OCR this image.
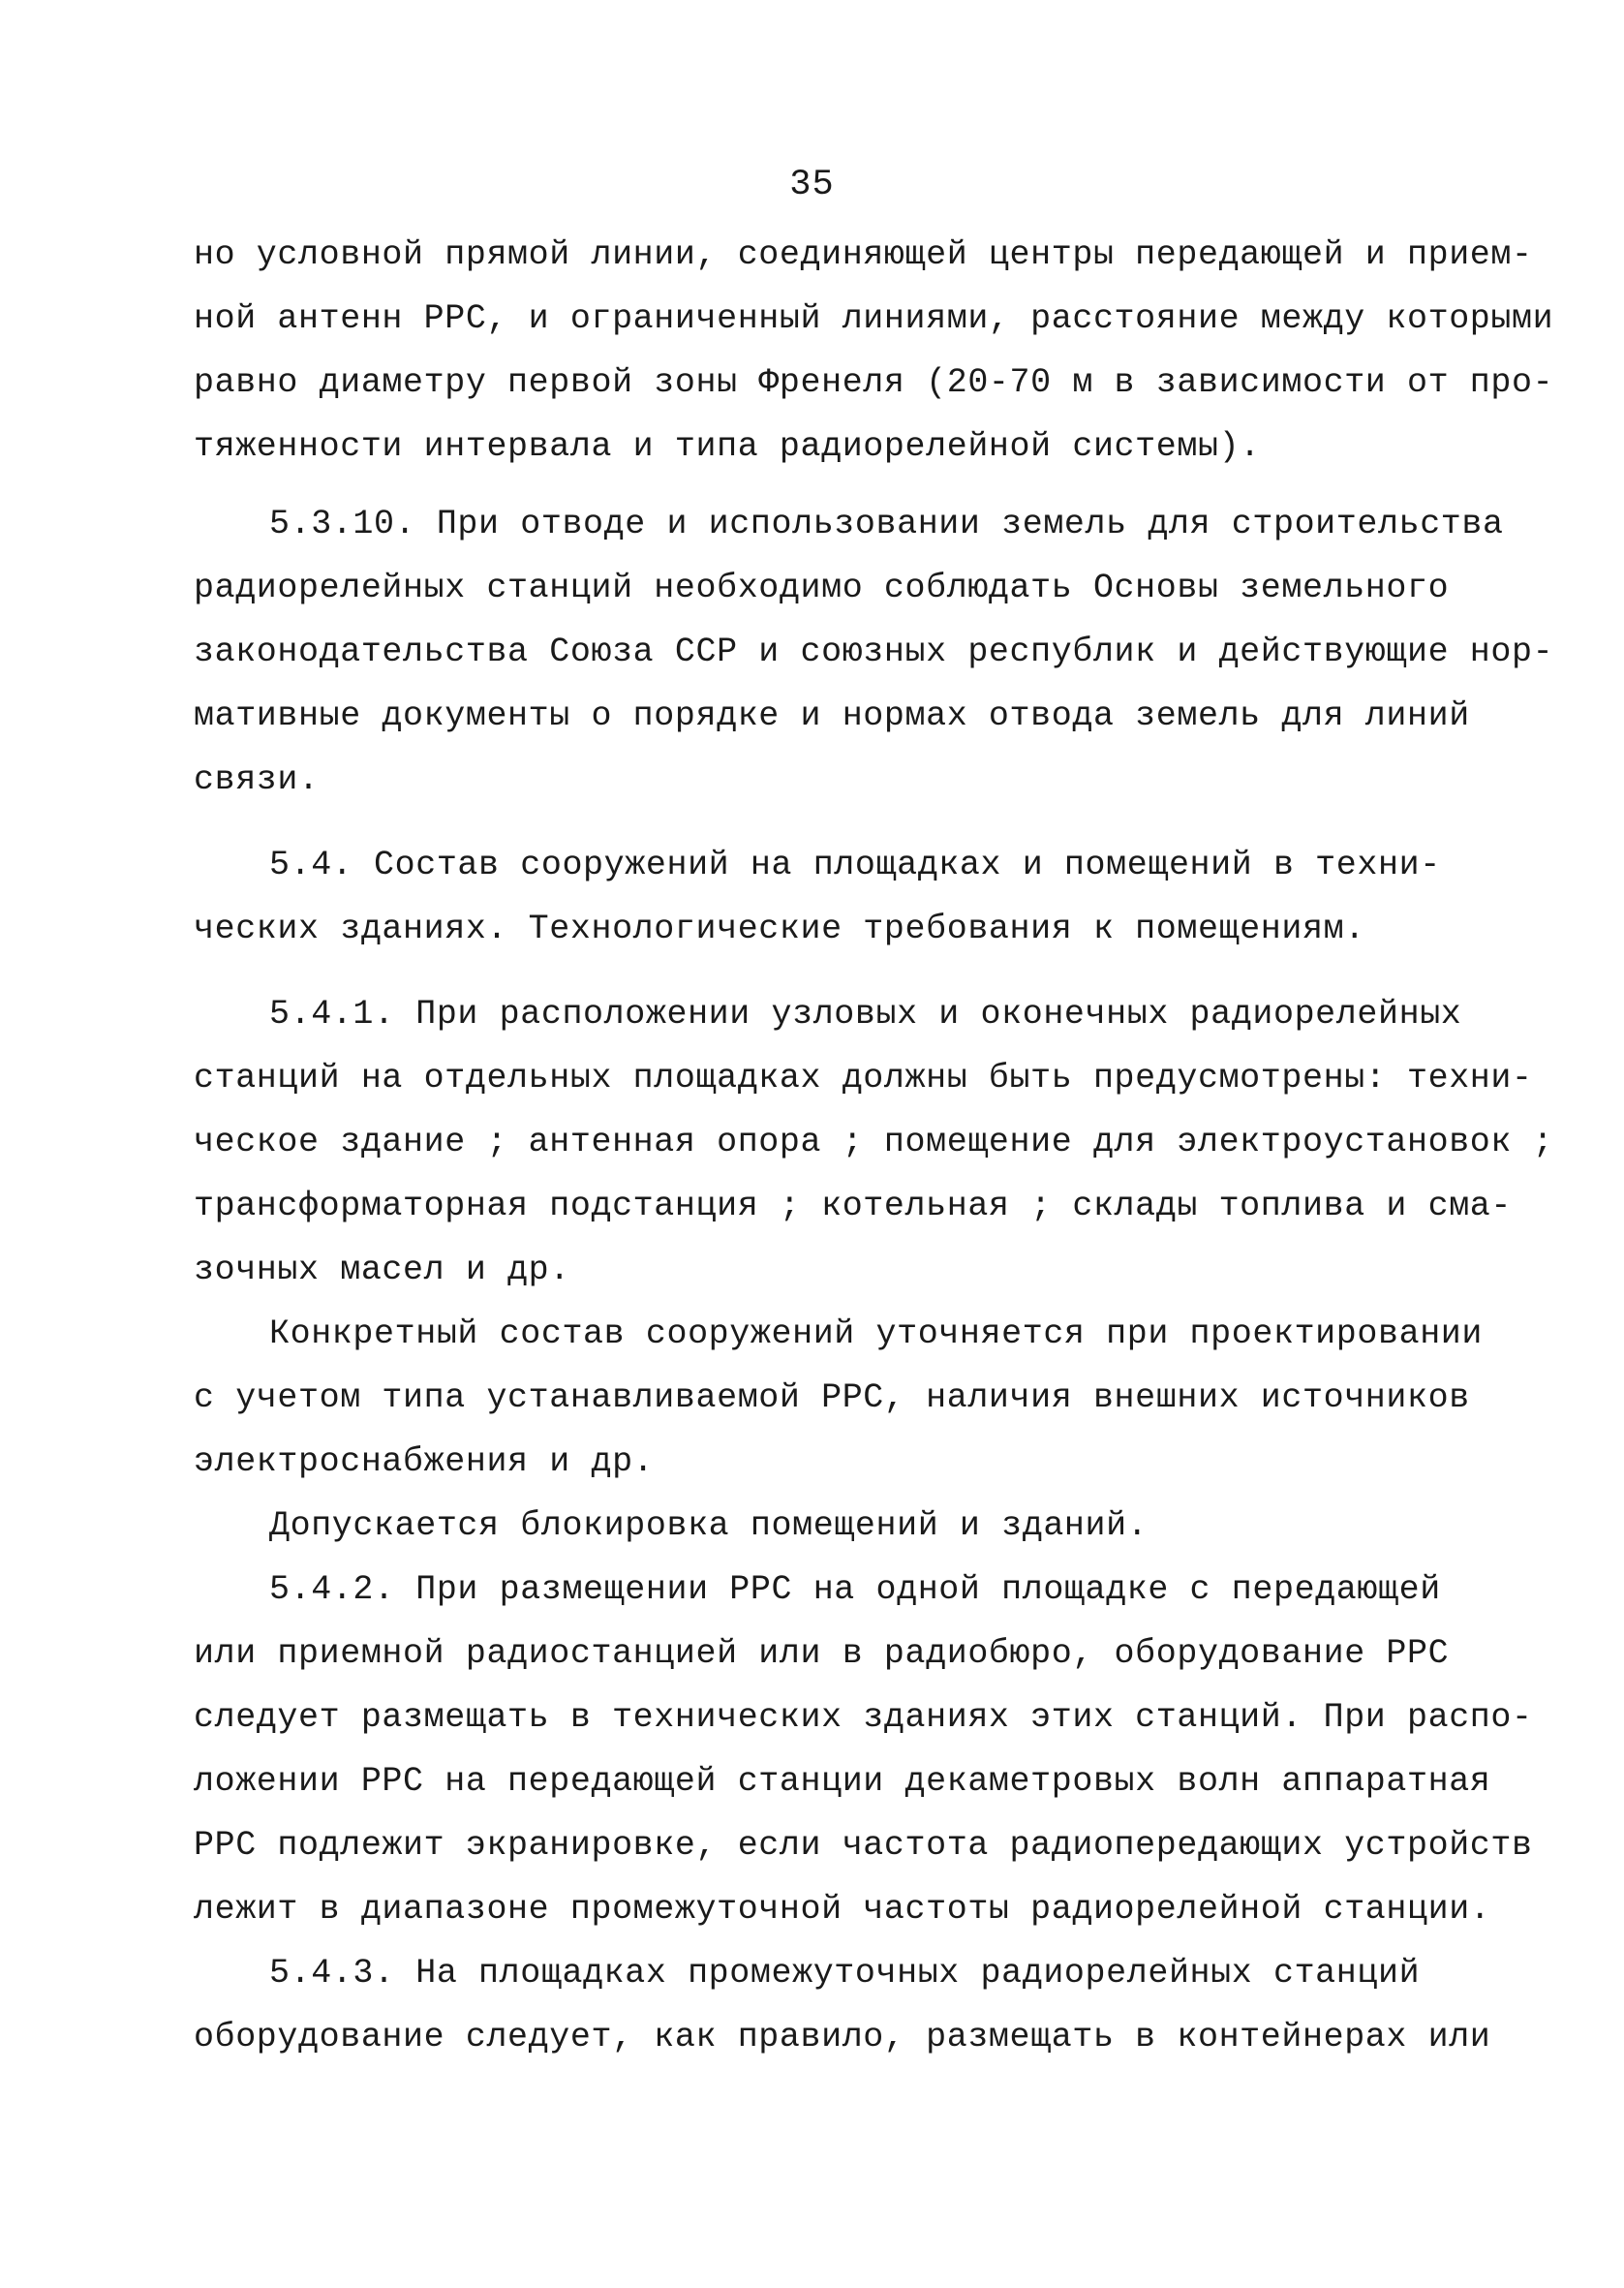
35
но условной прямой линии, соединяющей центры передающей и прием-
ной антенн РРС, и ограниченный линиями, расстояние между которыми
равно диаметру первой зоны Френеля (20-70 м в зависимости от про-
тяженности интервала и типа радиорелейной системы).
5.3.10. При отводе и использовании земель для строительства
радиорелейных станций необходимо соблюдать Основы земельного
законодательства Союза ССР и союзных республик и действующие нор-
мативные документы о порядке и нормах отвода земель для линий
связи.
5.4. Состав сооружений на площадках и помещений в техни-
ческих зданиях. Технологические требования к помещениям.
5.4.1. При расположении узловых и оконечных радиорелейных
станций на отдельных площадках должны быть предусмотрены: техни-
ческое здание ; антенная опора ; помещение для электроустановок ;
трансформаторная подстанция ; котельная ; склады топлива и сма-
зочных масел и др.
Конкретный состав сооружений уточняется при проектировании
с учетом типа устанавливаемой РРС, наличия внешних источников
электроснабжения и др.
Допускается блокировка помещений и зданий.
5.4.2. При размещении РРС на одной площадке с передающей
или приемной радиостанцией или в радиобюро, оборудование РРС
следует размещать в технических зданиях этих станций. При распо-
ложении РРС на передающей станции декаметровых волн аппаратная
РРС подлежит экранировке, если частота радиопередающих устройств
лежит в диапазоне промежуточной частоты радиорелейной станции.
5.4.3. На площадках промежуточных радиорелейных станций
оборудование следует, как правило, размещать в контейнерах или
